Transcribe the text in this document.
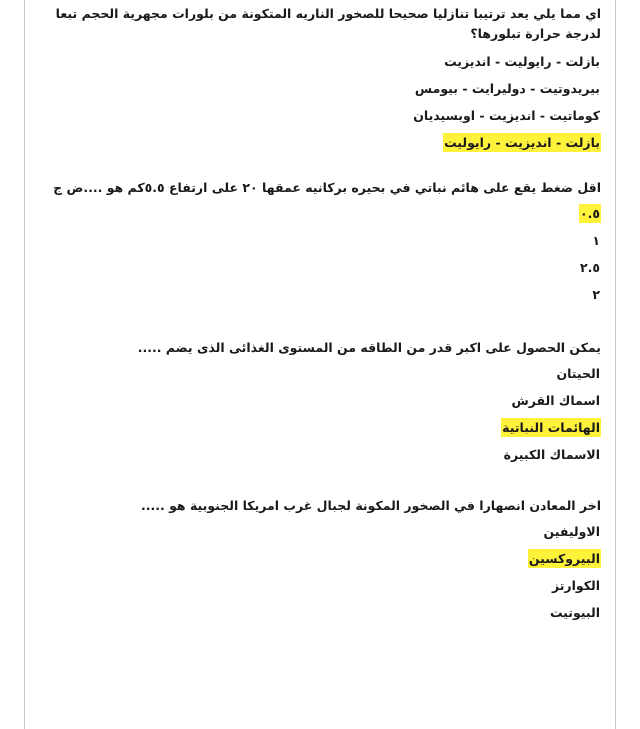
اي مما يلي يعد ترتيبا تنازليا صحيحا للصخور الناريه المتكونة من بلورات مجهرية الحجم تبعا لدرجة حرارة تبلورها؟

بازلت - رايوليت - انديزيت
بيريدوتيت - دوليرايت - بيومس
كوماتيت - انديزيت - اوبسيديان
بازلت - انديزيت - رايوليت

اقل ضغط يقع على هائم نباتي في بحيره بركانيه عمقها ٢٠ على ارتفاع ٥.٥كم هو ....ض ج

٠.٥
١
٢.٥
٢

يمكن الحصول على اكبر قدر من الطاقه من المستوى الغذائى الذى يضم .....

الحيتان
اسماك القرش
الهائمات النباتية
الاسماك الكبيرة

اخر المعادن انصهارا في الصخور المكونة لجبال غرب امريكا الجنوبية هو .....

الاوليفين
البيروكسين
الكوارتز
البيوتيت
